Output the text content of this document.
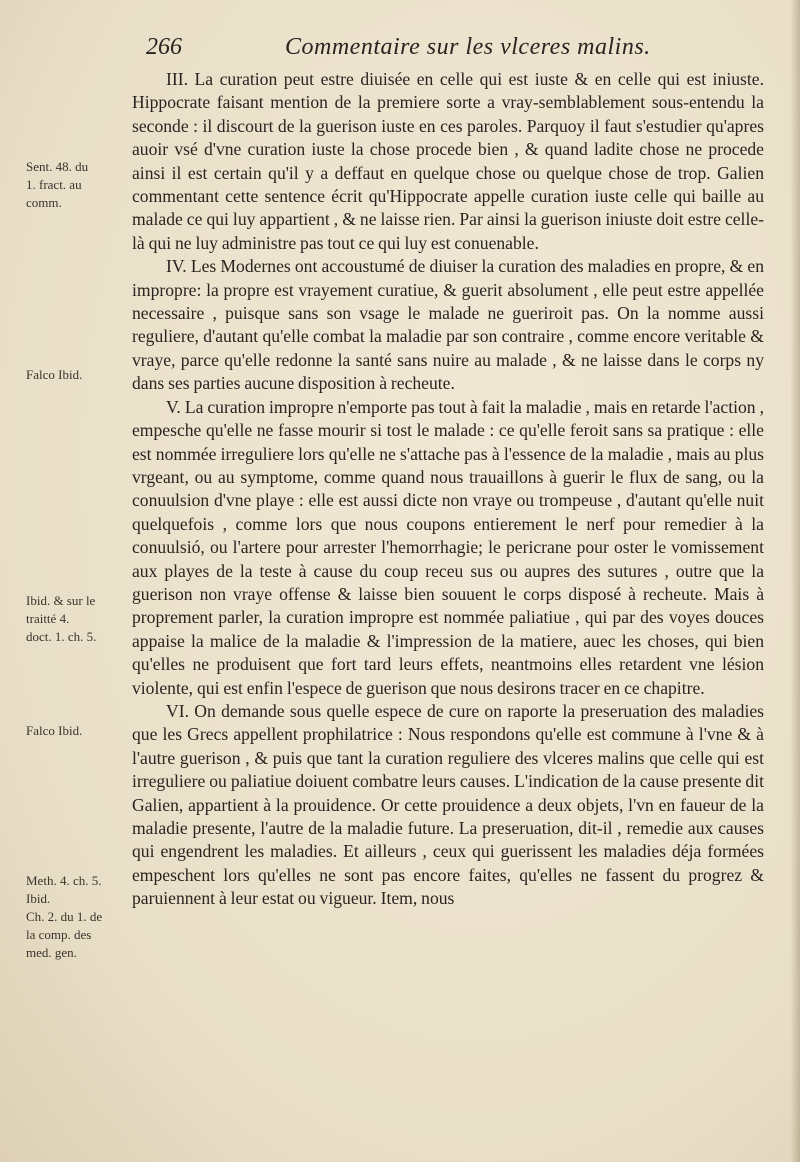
266	Commentaire sur les vlceres malins.
Sent. 48. du
1. fract. au
comm.
Falco Ibid.
Ibid. & sur le
traitté 4.
doct. 1. ch. 5.
Falco Ibid.
Meth. 4. ch. 5.
Ibid.
Ch. 2. du 1. de
la comp. des
med. gen.

III. La curation peut estre diuisée en celle qui est iuste & en celle qui est iniuste. Hippocrate faisant mention de la premiere sorte a vray-semblablement sous-entendu la seconde : il discourt de la guerison iuste en ces paroles. Parquoy il faut s'estudier qu'apres auoir vsé d'vne curation iuste la chose procede bien , & quand ladite chose ne procede ainsi il est certain qu'il y a deffaut en quelque chose ou quelque chose de trop. Galien commentant cette sentence écrit qu'Hippocrate appelle curation iuste celle qui baille au malade ce qui luy appartient , & ne laisse rien. Par ainsi la guerison iniuste doit estre celle-là qui ne luy administre pas tout ce qui luy est conuenable.

IV. Les Modernes ont accoustumé de diuiser la curation des maladies en propre, & en impropre: la propre est vrayement curatiue, & guerit absolument , elle peut estre appellée necessaire , puisque sans son vsage le malade ne gueriroit pas. On la nomme aussi reguliere, d'autant qu'elle combat la maladie par son contraire , comme encore veritable & vraye, parce qu'elle redonne la santé sans nuire au malade , & ne laisse dans le corps ny dans ses parties aucune disposition à recheute.

V. La curation impropre n'emporte pas tout à fait la maladie , mais en retarde l'action , empesche qu'elle ne fasse mourir si tost le malade : ce qu'elle feroit sans sa pratique : elle est nommée irreguliere lors qu'elle ne s'attache pas à l'essence de la maladie , mais au plus vrgeant, ou au symptome, comme quand nous trauaillons à guerir le flux de sang, ou la conuulsion d'vne playe : elle est aussi dicte non vraye ou trompeuse , d'autant qu'elle nuit quelquefois , comme lors que nous coupons entierement le nerf pour remedier à la conuulsió, ou l'artere pour arrester l'hemorrhagie; le pericrane pour oster le vomissement aux playes de la teste à cause du coup receu sus ou aupres des sutures , outre que la guerison non vraye offense & laisse bien souuent le corps disposé à recheute. Mais à proprement parler, la curation impropre est nommée paliatiue , qui par des voyes douces appaise la malice de la maladie & l'impression de la matiere, auec les choses, qui bien qu'elles ne produisent que fort tard leurs effets, neantmoins elles retardent vne lésion violente, qui est enfin l'espece de guerison que nous desirons tracer en ce chapitre.

VI. On demande sous quelle espece de cure on raporte la preseruation des maladies que les Grecs appellent prophilatrice : Nous respondons qu'elle est commune à l'vne & à l'autre guerison , & puis que tant la curation reguliere des vlceres malins que celle qui est irreguliere ou paliatiue doiuent combatre leurs causes. L'indication de la cause presente dit Galien, appartient à la prouidence. Or cette prouidence a deux objets, l'vn en faueur de la maladie presente, l'autre de la maladie future. La preseruation, dit-il , remedie aux causes qui engendrent les maladies. Et ailleurs , ceux qui guerissent les maladies déja formées empeschent lors qu'elles ne sont pas encore faites, qu'elles ne fassent du progrez & paruiennent à leur estat ou vigueur. Item, nous
